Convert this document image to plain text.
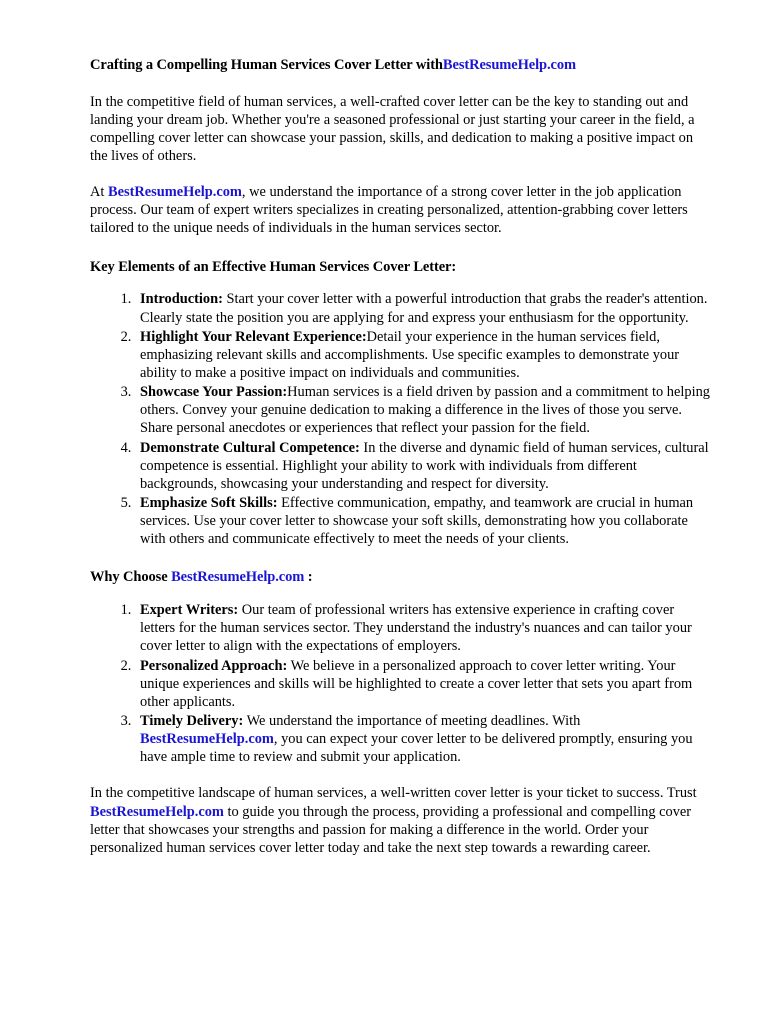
Crafting a Compelling Human Services Cover Letter withBestResumeHelp.com

In the competitive field of human services, a well-crafted cover letter can be the key to standing out and landing your dream job. Whether you're a seasoned professional or just starting your career in the field, a compelling cover letter can showcase your passion, skills, and dedication to making a positive impact on the lives of others.

At BestResumeHelp.com, we understand the importance of a strong cover letter in the job application process. Our team of expert writers specializes in creating personalized, attention-grabbing cover letters tailored to the unique needs of individuals in the human services sector.

Key Elements of an Effective Human Services Cover Letter:
1. Introduction: Start your cover letter with a powerful introduction that grabs the reader's attention. Clearly state the position you are applying for and express your enthusiasm for the opportunity.
2. Highlight Your Relevant Experience:Detail your experience in the human services field, emphasizing relevant skills and accomplishments. Use specific examples to demonstrate your ability to make a positive impact on individuals and communities.
3. Showcase Your Passion:Human services is a field driven by passion and a commitment to helping others. Convey your genuine dedication to making a difference in the lives of those you serve. Share personal anecdotes or experiences that reflect your passion for the field.
4. Demonstrate Cultural Competence: In the diverse and dynamic field of human services, cultural competence is essential. Highlight your ability to work with individuals from different backgrounds, showcasing your understanding and respect for diversity.
5. Emphasize Soft Skills: Effective communication, empathy, and teamwork are crucial in human services. Use your cover letter to showcase your soft skills, demonstrating how you collaborate with others and communicate effectively to meet the needs of your clients.
Why Choose BestResumeHelp.com :
1. Expert Writers: Our team of professional writers has extensive experience in crafting cover letters for the human services sector. They understand the industry's nuances and can tailor your cover letter to align with the expectations of employers.
2. Personalized Approach: We believe in a personalized approach to cover letter writing. Your unique experiences and skills will be highlighted to create a cover letter that sets you apart from other applicants.
3. Timely Delivery: We understand the importance of meeting deadlines. With BestResumeHelp.com, you can expect your cover letter to be delivered promptly, ensuring you have ample time to review and submit your application.

In the competitive landscape of human services, a well-written cover letter is your ticket to success. Trust BestResumeHelp.com to guide you through the process, providing a professional and compelling cover letter that showcases your strengths and passion for making a difference in the world. Order your personalized human services cover letter today and take the next step towards a rewarding career.
